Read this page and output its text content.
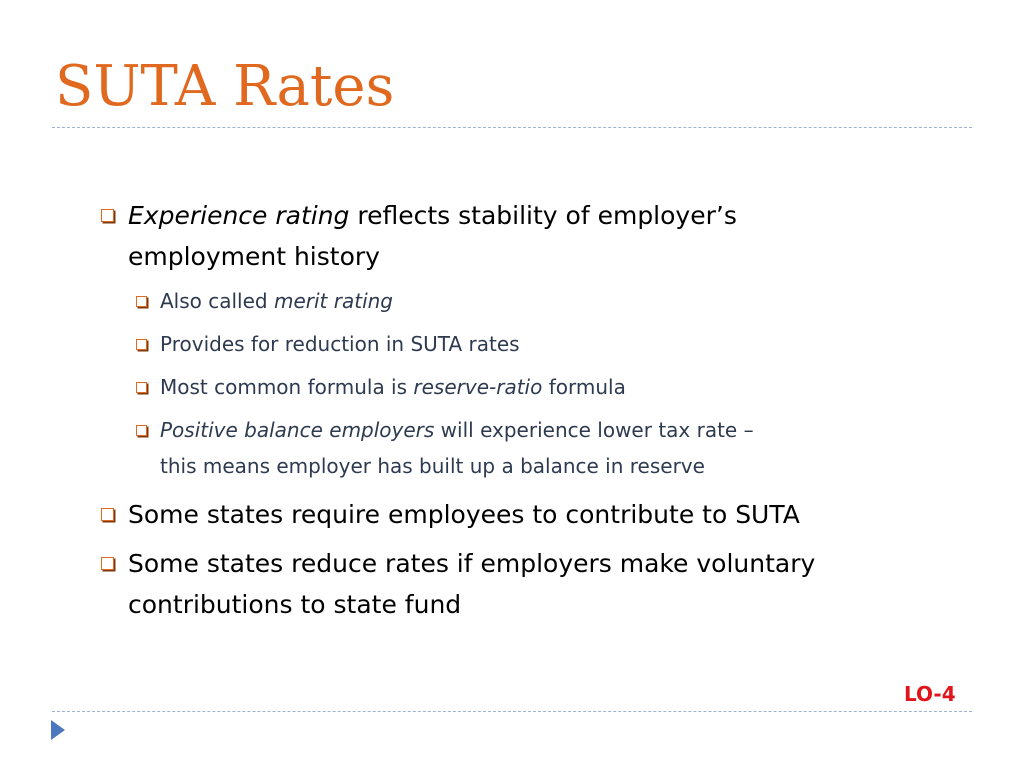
SUTA Rates
Experience rating reflects stability of employer’s
employment history
Also called merit rating
Provides for reduction in SUTA rates
Most common formula is reserve-ratio formula
Positive balance employers will experience lower tax rate –
this means employer has built up a balance in reserve
Some states require employees to contribute to SUTA
Some states reduce rates if employers make voluntary
contributions to state fund
LO-4
